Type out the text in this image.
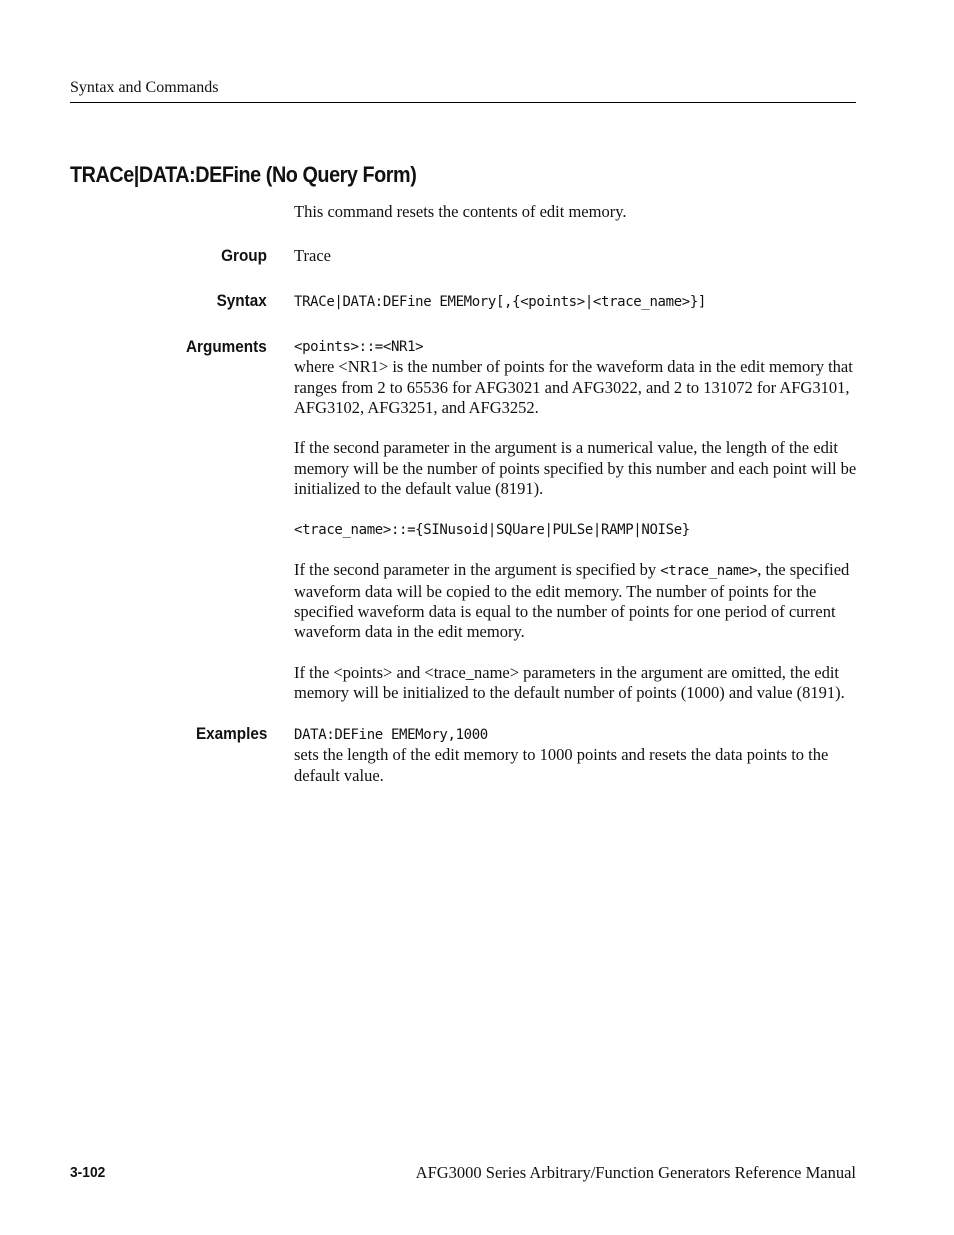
Syntax and Commands
TRACe|DATA:DEFine (No Query Form)
This command resets the contents of edit memory.
Group Trace
Syntax TRACe|DATA:DEFine EMEMory[,{<points>|<trace_name>}]
Arguments <points>::=<NR1>

where <NR1> is the number of points for the waveform data in the edit memory that ranges from 2 to 65536 for AFG3021 and AFG3022, and 2 to 131072 for AFG3101, AFG3102, AFG3251, and AFG3252.

If the second parameter in the argument is a numerical value, the length of the edit memory will be the number of points specified by this number and each point will be initialized to the default value (8191).

<trace_name>::={SINusoid|SQUare|PULSe|RAMP|NOISe}

If the second parameter in the argument is specified by <trace_name>, the specified waveform data will be copied to the edit memory. The number of points for the specified waveform data is equal to the number of points for one period of current waveform data in the edit memory.

If the <points> and <trace_name> parameters in the argument are omitted, the edit memory will be initialized to the default number of points (1000) and value (8191).

Examples DATA:DEFine EMEMory,1000

sets the length of the edit memory to 1000 points and resets the data points to the default value.

3-102	AFG3000 Series Arbitrary/Function Generators Reference Manual
